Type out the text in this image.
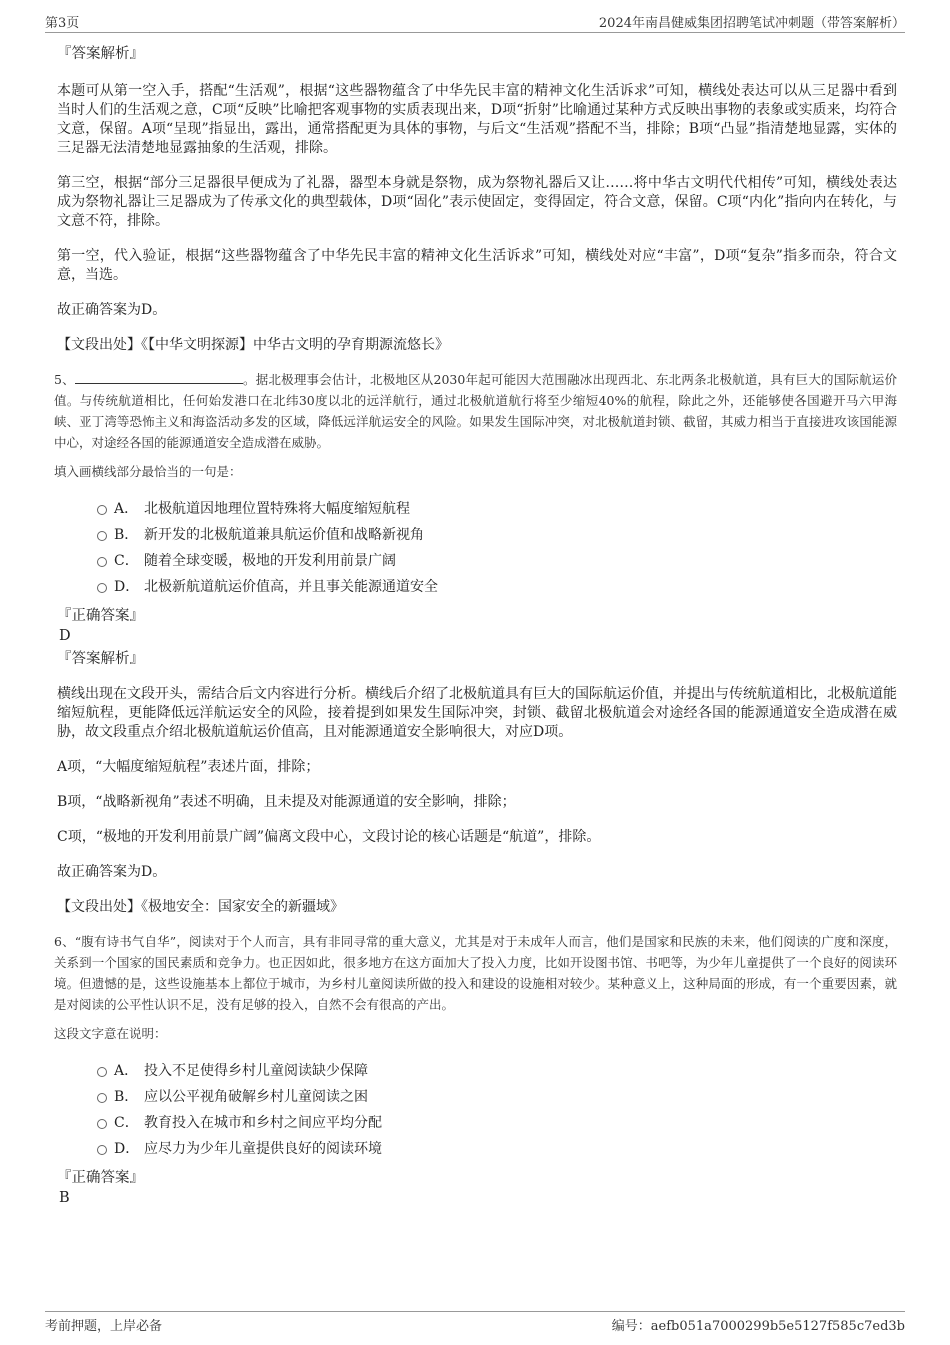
第3页	2024年南昌健威集团招聘笔试冲刺题（带答案解析）

『答案解析』

本题可从第一空入手，搭配“生活观”，根据“这些器物蕴含了中华先民丰富的精神文化生活诉求”可知，横线处表达可以从三足器中看到当时人们的生活观之意，C项“反映”比喻把客观事物的实质表现出来，D项“折射”比喻通过某种方式反映出事物的表象或实质来，均符合文意，保留。A项“呈现”指显出，露出，通常搭配更为具体的事物，与后文“生活观”搭配不当，排除；B项“凸显”指清楚地显露，实体的三足器无法清楚地显露抽象的生活观，排除。

第三空，根据“部分三足器很早便成为了礼器，器型本身就是祭物，成为祭物礼器后又让……将中华古文明代代相传”可知，横线处表达成为祭物礼器让三足器成为了传承文化的典型载体，D项“固化”表示使固定，变得固定，符合文意，保留。C项“内化”指向内在转化，与文意不符，排除。

第一空，代入验证，根据“这些器物蕴含了中华先民丰富的精神文化生活诉求”可知，横线处对应“丰富”，D项“复杂”指多而杂，符合文意，当选。

故正确答案为D。

【文段出处】《【中华文明探源】中华古文明的孕育期源流悠长》

5、	。据北极理事会估计，北极地区从2030年起可能因大范围融冰出现西北、东北两条北极航道，具有巨大的国际航运价值。与传统航道相比，任何始发港口在北纬30度以北的远洋航行，通过北极航道航行将至少缩短40%的航程，除此之外，还能够使各国避开马六甲海峡、亚丁湾等恐怖主义和海盗活动多发的区域，降低远洋航运安全的风险。如果发生国际冲突，对北极航道封锁、截留，其威力相当于直接进攻该国能源中心，对途经各国的能源通道安全造成潜在威胁。

填入画横线部分最恰当的一句是：

A． 北极航道因地理位置特殊将大幅度缩短航程
B． 新开发的北极航道兼具航运价值和战略新视角
C． 随着全球变暖，极地的开发利用前景广阔
D． 北极新航道航运价值高，并且事关能源通道安全

『正确答案』

D

『答案解析』

横线出现在文段开头，需结合后文内容进行分析。横线后介绍了北极航道具有巨大的国际航运价值，并提出与传统航道相比，北极航道能缩短航程，更能降低远洋航运安全的风险，接着提到如果发生国际冲突，封锁、截留北极航道会对途经各国的能源通道安全造成潜在威胁，故文段重点介绍北极航道航运价值高，且对能源通道安全影响很大，对应D项。

A项，“大幅度缩短航程”表述片面，排除；

B项，“战略新视角”表述不明确，且未提及对能源通道的安全影响，排除；

C项，“极地的开发利用前景广阔”偏离文段中心，文段讨论的核心话题是“航道”，排除。

故正确答案为D。

【文段出处】《极地安全：国家安全的新疆域》

6、“腹有诗书气自华”，阅读对于个人而言，具有非同寻常的重大意义，尤其是对于未成年人而言，他们是国家和民族的未来，他们阅读的广度和深度，关系到一个国家的国民素质和竞争力。也正因如此，很多地方在这方面加大了投入力度，比如开设图书馆、书吧等，为少年儿童提供了一个良好的阅读环境。但遗憾的是，这些设施基本上都位于城市，为乡村儿童阅读所做的投入和建设的设施相对较少。某种意义上，这种局面的形成，有一个重要因素，就是对阅读的公平性认识不足，没有足够的投入，自然不会有很高的产出。

这段文字意在说明：

A． 投入不足使得乡村儿童阅读缺少保障
B． 应以公平视角破解乡村儿童阅读之困
C． 教育投入在城市和乡村之间应平均分配
D． 应尽力为少年儿童提供良好的阅读环境

『正确答案』

B

考前押题，上岸必备	编号：aefb051a7000299b5e5127f585c7ed3b
